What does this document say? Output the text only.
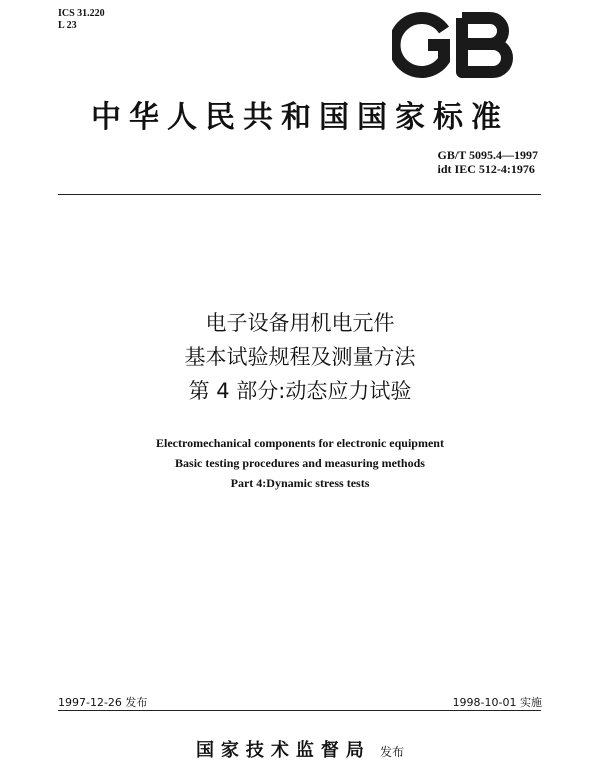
ICS 31.220
L 23
中华人民共和国国家标准
GB/T 5095.4—1997
idt IEC 512-4:1976
电子设备用机电元件
基本试验规程及测量方法
第 4 部分:动态应力试验
Electromechanical components for electronic equipment
Basic testing procedures and measuring methods
Part 4:Dynamic stress tests
1997-12-26 发布	1998-10-01 实施
国家技术监督局 发布
